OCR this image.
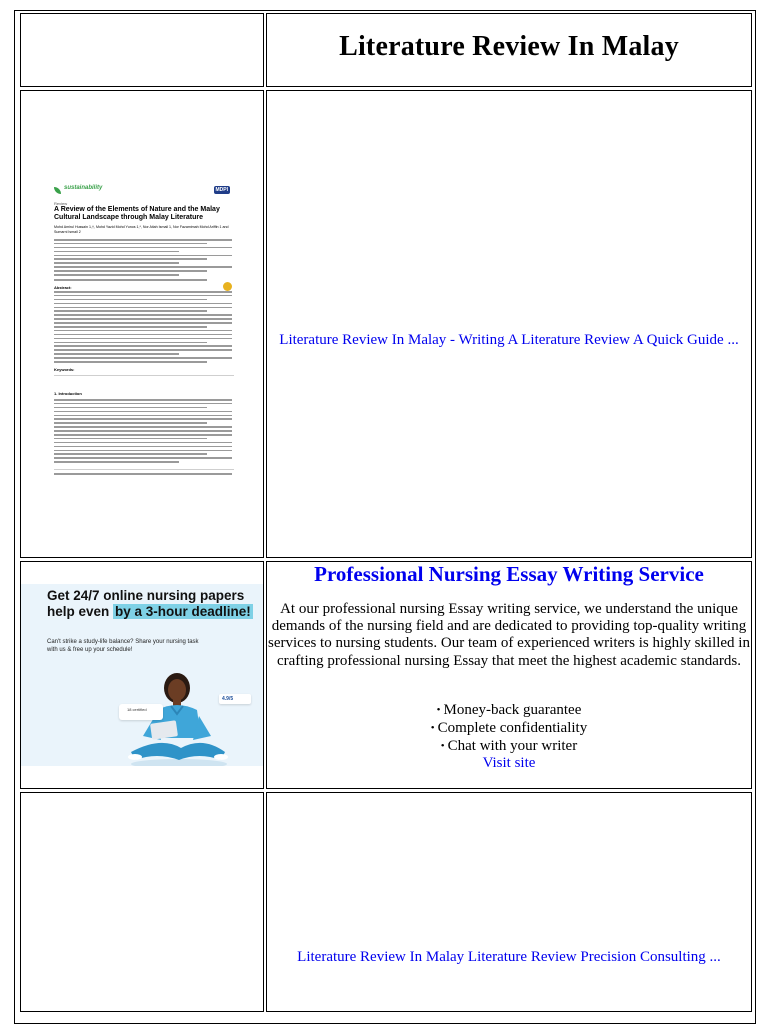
Literature Review In Malay
sustainability	MDPI
Review
A Review of the Elements of Nature and the Malay Cultural Landscape through Malay Literature
Mohd Amirul Hussain 1,†, Mohd Yazid Mohd Yunos 1,*, Nor Atiah Ismail 1, Nor Fazamimah Mohd Ariffin 1 and Sumarni Ismail 2
Abstract:
Keywords:
1. Introduction
Literature Review In Malay - Writing A Literature Review A Quick Guide ...
Get 24/7 online nursing papers help even by a 3-hour deadline!
Can't strike a study-life balance? Share your nursing task with us & free up your schedule!
18 certified
4.9/5
Professional Nursing Essay Writing Service
At our professional nursing Essay writing service, we understand the unique demands of the nursing field and are dedicated to providing top-quality writing services to nursing students. Our team of experienced writers is highly skilled in crafting professional nursing Essay that meet the highest academic standards.
• Money-back guarantee
• Complete confidentiality
• Chat with your writer
Visit site
Literature Review In Malay Literature Review Precision Consulting ...
